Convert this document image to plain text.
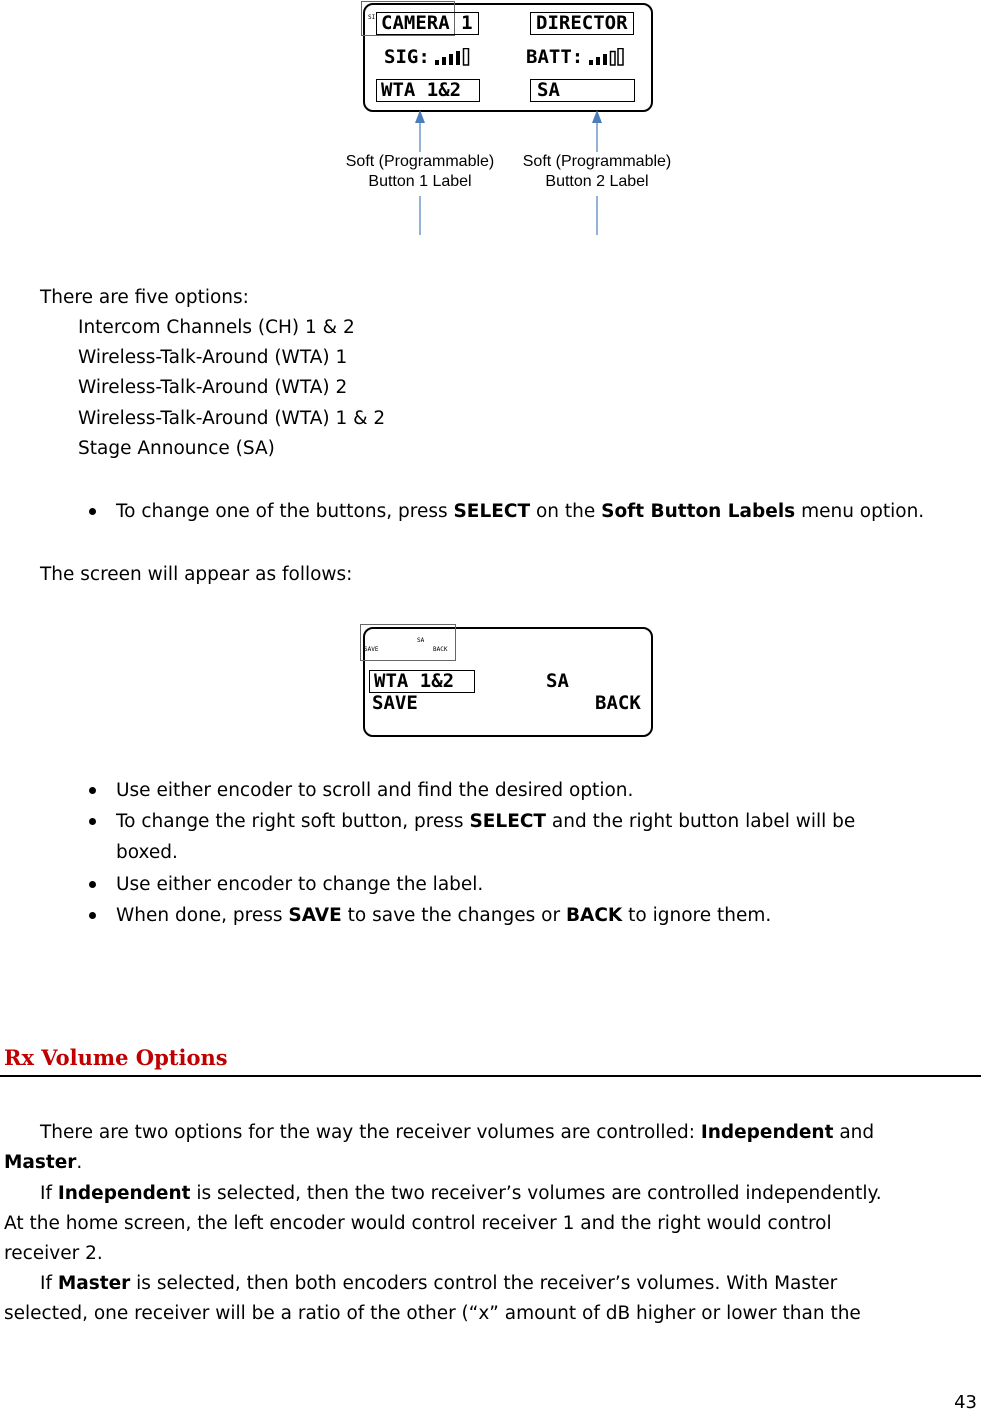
SI CAMERA 1	DIRECTOR
SIG:	BATT:
WTA 1&2	SA
Soft (Programmable)
Button 1 Label
Soft (Programmable)
Button 2 Label
There are five options:
Intercom Channels (CH) 1 & 2
Wireless-Talk-Around (WTA) 1
Wireless-Talk-Around (WTA) 2
Wireless-Talk-Around (WTA) 1 & 2
Stage Announce (SA)
To change one of the buttons, press SELECT on the Soft Button Labels menu option.
The screen will appear as follows:
SA
SAVE	BACK
WTA 1&2	SA
SAVE	BACK
Use either encoder to scroll and find the desired option.
To change the right soft button, press SELECT and the right button label will be
boxed.
Use either encoder to change the label.
When done, press SAVE to save the changes or BACK to ignore them.
Rx Volume Options
There are two options for the way the receiver volumes are controlled: Independent and
Master.
If Independent is selected, then the two receiver’s volumes are controlled independently.
At the home screen, the left encoder would control receiver 1 and the right would control
receiver 2.
If Master is selected, then both encoders control the receiver’s volumes. With Master
selected, one receiver will be a ratio of the other (“x” amount of dB higher or lower than the
43
